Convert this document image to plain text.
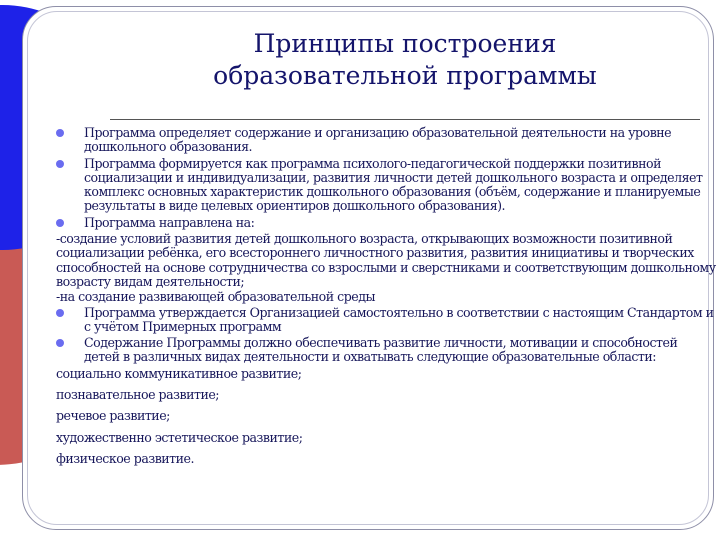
Принципы построения
образовательной программы
Программа определяет содержание и организацию образовательной деятельности на уровне дошкольного образования.
Программа формируется как программа психолого-педагогической поддержки позитивной социализации и индивидуализации, развития личности детей дошкольного возраста и определяет комплекс основных характеристик дошкольного образования (объём, содержание и планируемые результаты в виде целевых ориентиров дошкольного образования).
Программа направлена на:
-создание условий развития детей дошкольного возраста, открывающих возможности позитивной социализации ребёнка, его всестороннего личностного развития, развития инициативы и творческих способностей на основе сотрудничества со взрослыми и сверстниками и соответствующим дошкольному возрасту видам деятельности;
-на создание развивающей образовательной среды
Программа утверждается Организацией самостоятельно в соответствии с настоящим Стандартом и с учётом Примерных программ
Содержание Программы должно обеспечивать развитие личности, мотивации и способностей детей в различных видах деятельности и охватывать следующие образовательные области:
социально коммуникативное развитие;
познавательное развитие;
речевое развитие;
художественно эстетическое развитие;
физическое развитие.
